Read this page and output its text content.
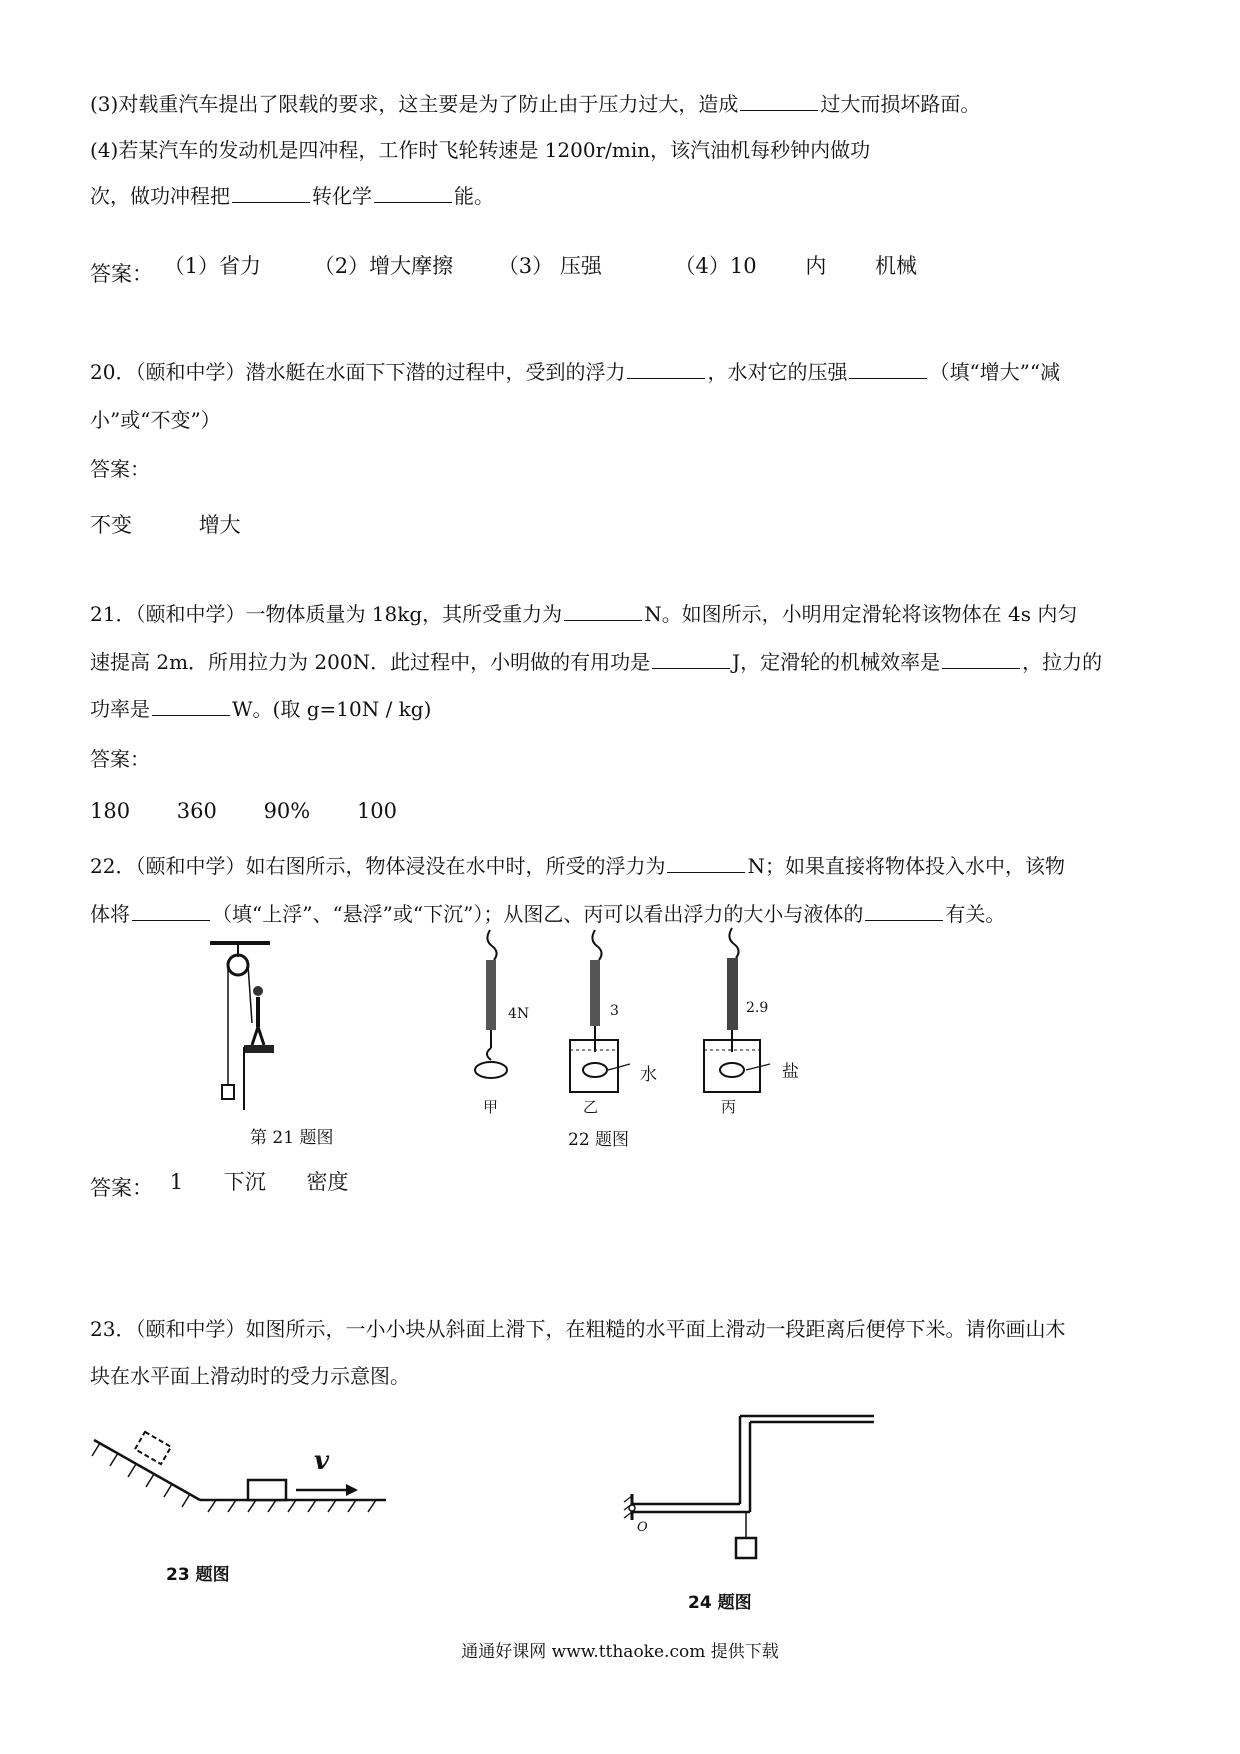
(3)对载重汽车提出了限载的要求，这主要是为了防止由于压力过大，造成	过大而损坏路面。
(4)若某汽车的发动机是四冲程，工作时飞轮转速是 1200r/min，该汽油机每秒钟内做功
次，做功冲程把	转化学	能。
答案： （1）省力	（2）增大摩擦 （3） 压强	（4）10 内 机械
20．（颐和中学）潜水艇在水面下下潜的过程中，受到的浮力	，水对它的压强	（填“增大”“减
小”或“不变”）
答案：
不变	增大
21．（颐和中学）一物体质量为 18kg，其所受重力为	N。如图所示，小明用定滑轮将该物体在 4s 内匀
速提高 2m．所用拉力为 200N．此过程中，小明做的有用功是	J，定滑轮的机械效率是	，拉力的
功率是	W。(取 g=10N / kg)
答案：
180 360 90% 100
22．（颐和中学）如右图所示，物体浸没在水中时，所受的浮力为	N；如果直接将物体投入水中，该物
体将	（填“上浮”、“悬浮”或“下沉”）；从图乙、丙可以看出浮力的大小与液体的	有关。
第 21 题图
4N	3	2.9
水	盐
甲	乙	丙
22 题图
答案： 1 下沉 密度
23．（颐和中学）如图所示，一小小块从斜面上滑下，在粗糙的水平面上滑动一段距离后便停下米。请你画山木
块在水平面上滑动时的受力示意图。
v
23 题图
O
24 题图
通通好课网 www.tthaoke.com 提供下载
